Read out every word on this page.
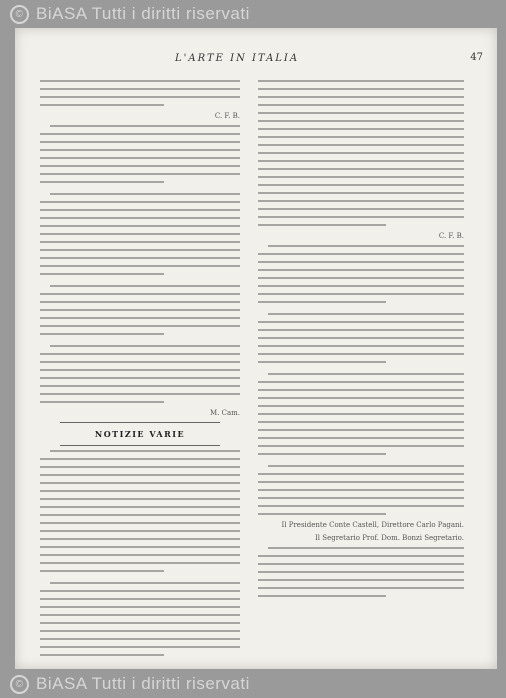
© BiASA Tutti i diritti riservati
L'ARTE IN ITALIA	47
C. F. B.
M. Cam.
NOTIZIE VARIE
C. F. B.
Il Presidente Conte Castell, Direttore Carlo Pagani.
Il Segretario Prof. Dom. Bonzi Segretario.
© BiASA Tutti i diritti riservati
